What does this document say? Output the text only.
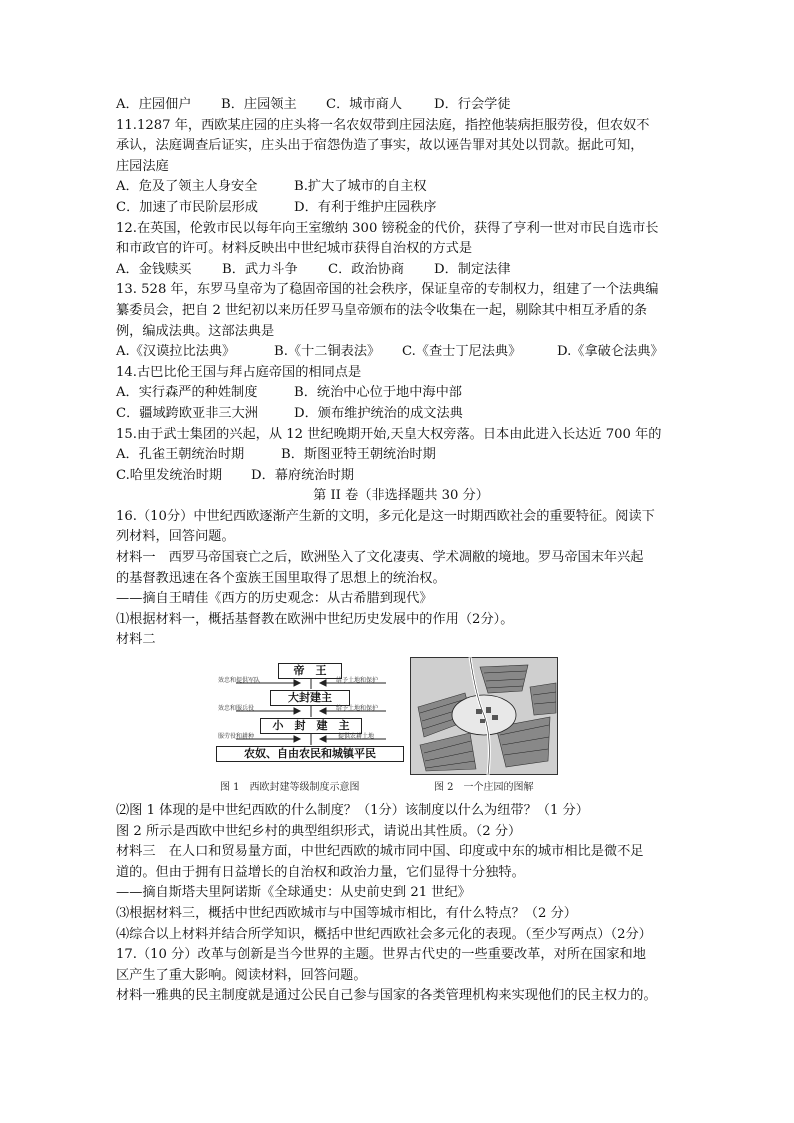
A．庄园佃户	B．庄园领主	C．城市商人	D．行会学徒

11.1287 年，西欧某庄园的庄头将一名农奴带到庄园法庭，指控他装病拒服劳役，但农奴不

承认，法庭调查后证实，庄头出于宿怨伪造了事实，故以诬告罪对其处以罚款。据此可知，

庄园法庭

A．危及了领主人身安全	B.扩大了城市的自主权
C．加速了市民阶层形成	D．有利于维护庄园秩序

12.在英国，伦敦市民以每年向王室缴纳 300 镑税金的代价，获得了亨利一世对市民自选市长

和市政官的许可。材料反映出中世纪城市获得自治权的方式是

A．金钱赎买	B．武力斗争	C．政治协商	D．制定法律

13. 528 年，东罗马皇帝为了稳固帝国的社会秩序，保证皇帝的专制权力，组建了一个法典编

纂委员会，把自 2 世纪初以来历任罗马皇帝颁布的法令收集在一起，剔除其中相互矛盾的条

例，编成法典。这部法典是

A.《汉谟拉比法典》	B.《十二铜表法》	C.《查士丁尼法典》	D.《拿破仑法典》

14.古巴比伦王国与拜占庭帝国的相同点是

A．实行森严的种姓制度	B．统治中心位于地中海中部
C．疆域跨欧亚非三大洲	D．颁布维护统治的成文法典

15.由于武士集团的兴起，从 12 世纪晚期开始,天皇大权旁落。日本由此进入长达近 700 年的

A．孔雀王朝统治时期	B．斯图亚特王朝统治时期
C.哈里发统治时期	D．幕府统治时期

第 II 卷（非选择题共 30 分）

16.（10分）中世纪西欧逐渐产生新的文明，多元化是这一时期西欧社会的重要特征。阅读下

列材料，回答问题。

材料一　西罗马帝国衰亡之后，欧洲坠入了文化凄夷、学术凋敝的境地。罗马帝国末年兴起

的基督教迅速在各个蛮族王国里取得了思想上的统治权。

——摘自王晴佳《西方的历史观念：从古希腊到现代》

⑴根据材料一，概括基督教在欧洲中世纪历史发展中的作用（2分）。

材料二

帝　王
大封建主
小　封　建　主
农奴、自由农民和城镇平民
效忠和提供军队
效忠和服兵役
服劳役和耕种
给予土地和保护
给予土地和保护
提供农耕土地
图 1　西欧封建等级制度示意图	图 2　一个庄园的图解

⑵图 1 体现的是中世纪西欧的什么制度？（1分）该制度以什么为纽带？（1 分）

图 2 所示是西欧中世纪乡村的典型组织形式，请说出其性质。（2 分）

材料三　在人口和贸易量方面，中世纪西欧的城市同中国、印度或中东的城市相比是微不足

道的。但由于拥有日益增长的自治权和政治力量，它们显得十分独特。

——摘自斯塔夫里阿诺斯《全球通史：从史前史到 21 世纪》

⑶根据材料三，概括中世纪西欧城市与中国等城市相比，有什么特点？（2 分）

⑷综合以上材料并结合所学知识，概括中世纪西欧社会多元化的表现。（至少写两点）（2分）

17.（10 分）改革与创新是当今世界的主题。世界古代史的一些重要改革，对所在国家和地

区产生了重大影响。阅读材料，回答问题。

材料一雅典的民主制度就是通过公民自己参与国家的各类管理机构来实现他们的民主权力的。
